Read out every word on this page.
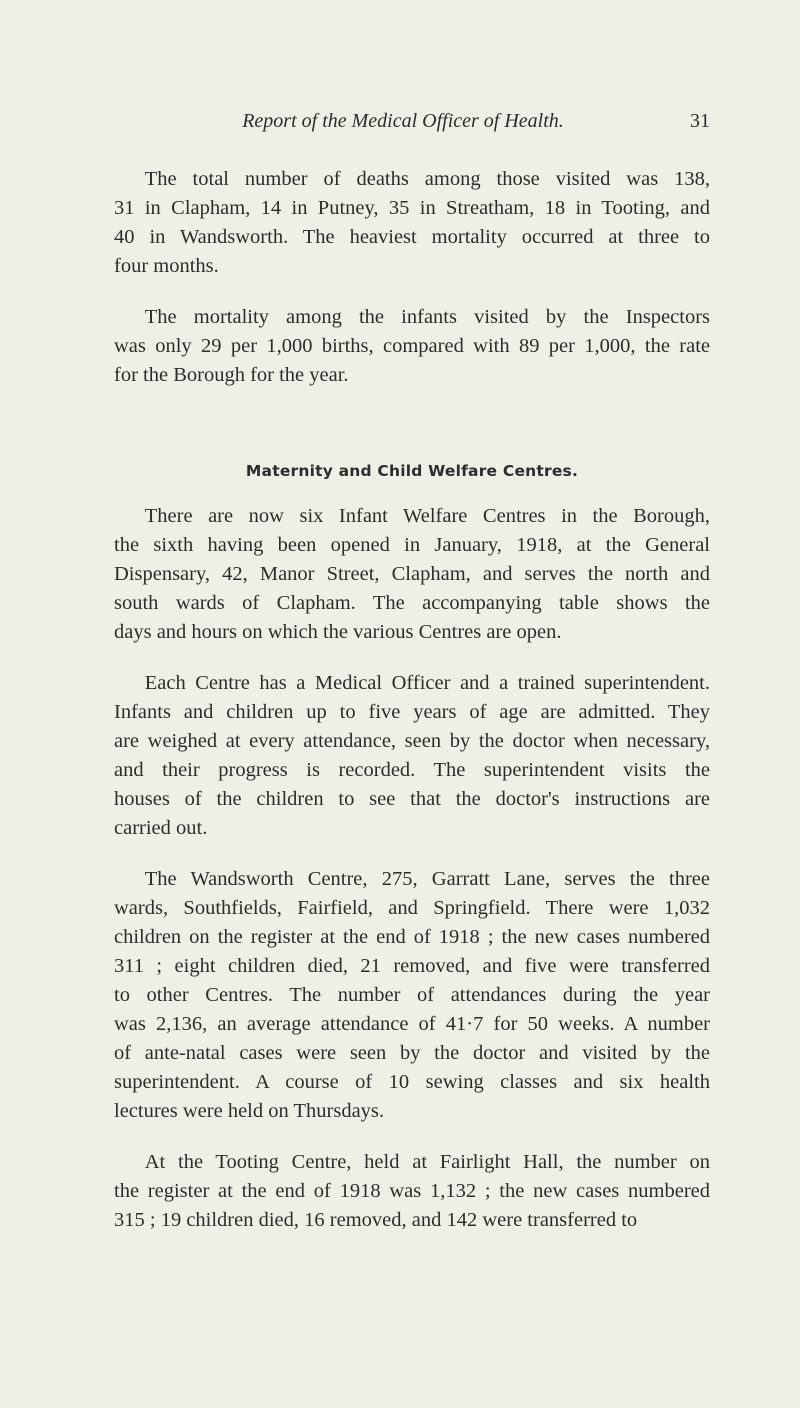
Report of the Medical Officer of Health.	31

  The total number of deaths among those visited was 138,
31 in Clapham, 14 in Putney, 35 in Streatham, 18 in Tooting, and
40 in Wandsworth. The heaviest mortality occurred at three to
four months.

  The mortality among the infants visited by the Inspectors
was only 29 per 1,000 births, compared with 89 per 1,000, the rate
for the Borough for the year.

Maternity and Child Welfare Centres.

  There are now six Infant Welfare Centres in the Borough,
the sixth having been opened in January, 1918, at the General
Dispensary, 42, Manor Street, Clapham, and serves the north and
south wards of Clapham. The accompanying table shows the
days and hours on which the various Centres are open.

  Each Centre has a Medical Officer and a trained superintendent.
Infants and children up to five years of age are admitted. They
are weighed at every attendance, seen by the doctor when necessary,
and their progress is recorded. The superintendent visits the
houses of the children to see that the doctor's instructions are
carried out.

  The Wandsworth Centre, 275, Garratt Lane, serves the three
wards, Southfields, Fairfield, and Springfield. There were 1,032
children on the register at the end of 1918 ; the new cases numbered
311 ; eight children died, 21 removed, and five were transferred
to other Centres. The number of attendances during the year
was 2,136, an average attendance of 41·7 for 50 weeks. A number
of ante-natal cases were seen by the doctor and visited by the
superintendent. A course of 10 sewing classes and six health
lectures were held on Thursdays.

  At the Tooting Centre, held at Fairlight Hall, the number on
the register at the end of 1918 was 1,132 ; the new cases numbered
315 ; 19 children died, 16 removed, and 142 were transferred to
